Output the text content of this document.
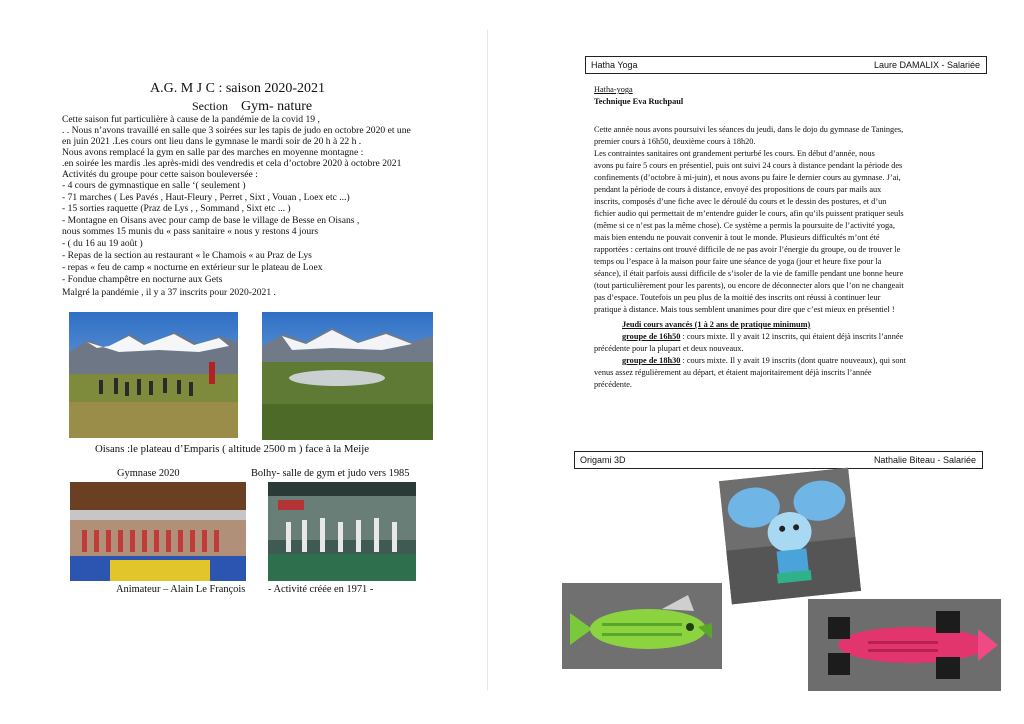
A.G. M J C : saison 2020-2021
Section Gym- nature
Cette saison fut particulière à cause de la pandémie de la covid 19 ,
. . Nous n’avons travaillé en salle que 3 soirées sur les tapis de judo en octobre 2020 et une
en juin 2021 .Les cours ont lieu dans le gymnase le mardi soir de 20 h à 22 h .
Nous avons remplacé la gym en salle par des marches en moyenne montagne :
.en soirée les mardis .les après-midi des vendredis et cela d’octobre 2020 à octobre 2021
Activités du groupe pour cette saison bouleversée :
- 4 cours de gymnastique en salle ‘( seulement )
- 71 marches ( Les Pavés , Haut-Fleury , Perret , Sixt , Vouan , Loex etc ...)
- 15 sorties raquette (Praz de Lys , , Sommand , Sixt etc ... )
- Montagne en Oisans avec pour camp de base le village de Besse en Oisans ,
nous sommes 15 munis du « pass sanitaire « nous y restons 4 jours
- ( du 16 au 19 août )
- Repas de la section au restaurant « le Chamois « au Praz de Lys
- repas « feu de camp « nocturne en extérieur sur le plateau de Loex
- Fondue champêtre en nocturne aux Gets
Malgré la pandémie , il y a 37 inscrits pour 2020-2021 .
Oisans :le plateau d’Emparis ( altitude 2500 m ) face à la Meije
Gymnase 2020	Bolhy- salle de gym et judo vers 1985
Animateur – Alain Le François - Activité créée en 1971 -
Hatha Yoga	Laure DAMALIX - Salariée
Hatha-yoga
Technique Eva Ruchpaul
Cette année nous avons poursuivi les séances du jeudi, dans le dojo du gymnase de Taninges,
premier cours à 16h50, deuxième cours à 18h20.
Les contraintes sanitaires ont grandement perturbé les cours. En début d’année, nous
avons pu faire 5 cours en présentiel, puis ont suivi 24 cours à distance pendant la période des
confinements (d’octobre à mi-juin), et nous avons pu faire le dernier cours au gymnase. J’ai,
pendant la période de cours à distance, envoyé des propositions de cours par mails aux
inscrits, composés d’une fiche avec le déroulé du cours et le dessin des postures, et d’un
fichier audio qui permettait de m’entendre guider le cours, afin qu’ils puissent pratiquer seuls
(même si ce n’est pas la même chose). Ce système a permis la poursuite de l’activité yoga,
mais bien entendu ne pouvait convenir à tout le monde. Plusieurs difficultés m’ont été
rapportées : certains ont trouvé difficile de ne pas avoir l’énergie du groupe, ou de trouver le
temps ou l’espace à la maison pour faire une séance de yoga (jour et heure fixe pour la
séance), il était parfois aussi difficile de s’isoler de la vie de famille pendant une bonne heure
(tout particulièrement pour les parents), ou encore de déconnecter alors que l’on ne changeait
pas d’espace. Toutefois un peu plus de la moitié des inscrits ont réussi à continuer leur
pratique à distance. Mais tous semblent unanimes pour dire que c’est mieux en présentiel !
Jeudi cours avancés (1 à 2 ans de pratique minimum)
groupe de 16h50 : cours mixte. Il y avait 12 inscrits, qui étaient déjà inscrits l’année
précédente pour la plupart et deux nouveaux.
groupe de 18h30 : cours mixte. Il y avait 19 inscrits (dont quatre nouveaux), qui sont
venus assez régulièrement au départ, et étaient majoritairement déjà inscrits l’année
précédente.
Origami 3D	Nathalie Biteau - Salariée
